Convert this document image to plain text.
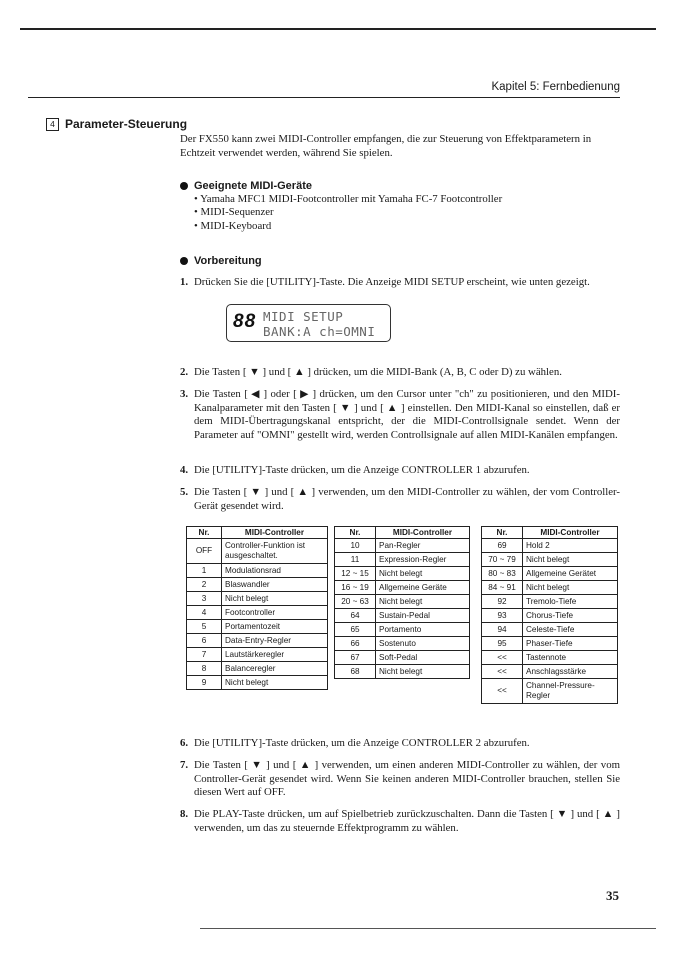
Kapitel 5: Fernbedienung
4 Parameter-Steuerung
Der FX550 kann zwei MIDI-Controller empfangen, die zur Steuerung von Effektparametern in Echtzeit verwendet werden, während Sie spielen.
Geeignete MIDI-Geräte
• Yamaha MFC1 MIDI-Footcontroller mit Yamaha FC-7 Footcontroller
• MIDI-Sequenzer
• MIDI-Keyboard
Vorbereitung
1. Drücken Sie die [UTILITY]-Taste. Die Anzeige MIDI SETUP erscheint, wie unten gezeigt.
88 MIDI SETUP
BANK:A ch=OMNI
2. Die Tasten [ ▼ ] und [ ▲ ] drücken, um die MIDI-Bank (A, B, C oder D) zu wählen.
3. Die Tasten [ ◀ ] oder [ ▶ ] drücken, um den Cursor unter "ch" zu positionieren, und den MIDI-Kanalparameter mit den Tasten [ ▼ ] und [ ▲ ] einstellen. Den MIDI-Kanal so einstellen, daß er dem MIDI-Übertragungskanal entspricht, der die MIDI-Controllsignale sendet. Wenn der Parameter auf "OMNI" gestellt wird, werden Controllsignale auf allen MIDI-Kanälen empfangen.
4. Die [UTILITY]-Taste drücken, um die Anzeige CONTROLLER 1 abzurufen.
5. Die Tasten [ ▼ ] und [ ▲ ] verwenden, um den MIDI-Controller zu wählen, der vom Controller-Gerät gesendet wird.
Nr.	MIDI-Controller
OFF	Controller-Funktion ist ausgeschaltet.
1	Modulationsrad
2	Blaswandler
3	Nicht belegt
4	Footcontroller
5	Portamentozeit
6	Data-Entry-Regler
7	Lautstärkeregler
8	Balanceregler
9	Nicht belegt
Nr.	MIDI-Controller
10	Pan-Regler
11	Expression-Regler
12 ~ 15	Nicht belegt
16 ~ 19	Allgemeine Geräte
20 ~ 63	Nicht belegt
64	Sustain-Pedal
65	Portamento
66	Sostenuto
67	Soft-Pedal
68	Nicht belegt
Nr.	MIDI-Controller
69	Hold 2
70 ~ 79	Nicht belegt
80 ~ 83	Allgemeine Gerätet
84 ~ 91	Nicht belegt
92	Tremolo-Tiefe
93	Chorus-Tiefe
94	Celeste-Tiefe
95	Phaser-Tiefe
<<	Tastennote
<<	Anschlagsstärke
<<	Channel-Pressure-Regler
6. Die [UTILITY]-Taste drücken, um die Anzeige CONTROLLER 2 abzurufen.
7. Die Tasten [ ▼ ] und [ ▲ ] verwenden, um einen anderen MIDI-Controller zu wählen, der vom Controller-Gerät gesendet wird. Wenn Sie keinen anderen MIDI-Controller brauchen, stellen Sie diesen Wert auf OFF.
8. Die PLAY-Taste drücken, um auf Spielbetrieb zurückzuschalten. Dann die Tasten [ ▼ ] und [ ▲ ] verwenden, um das zu steuernde Effektprogramm zu wählen.
35
